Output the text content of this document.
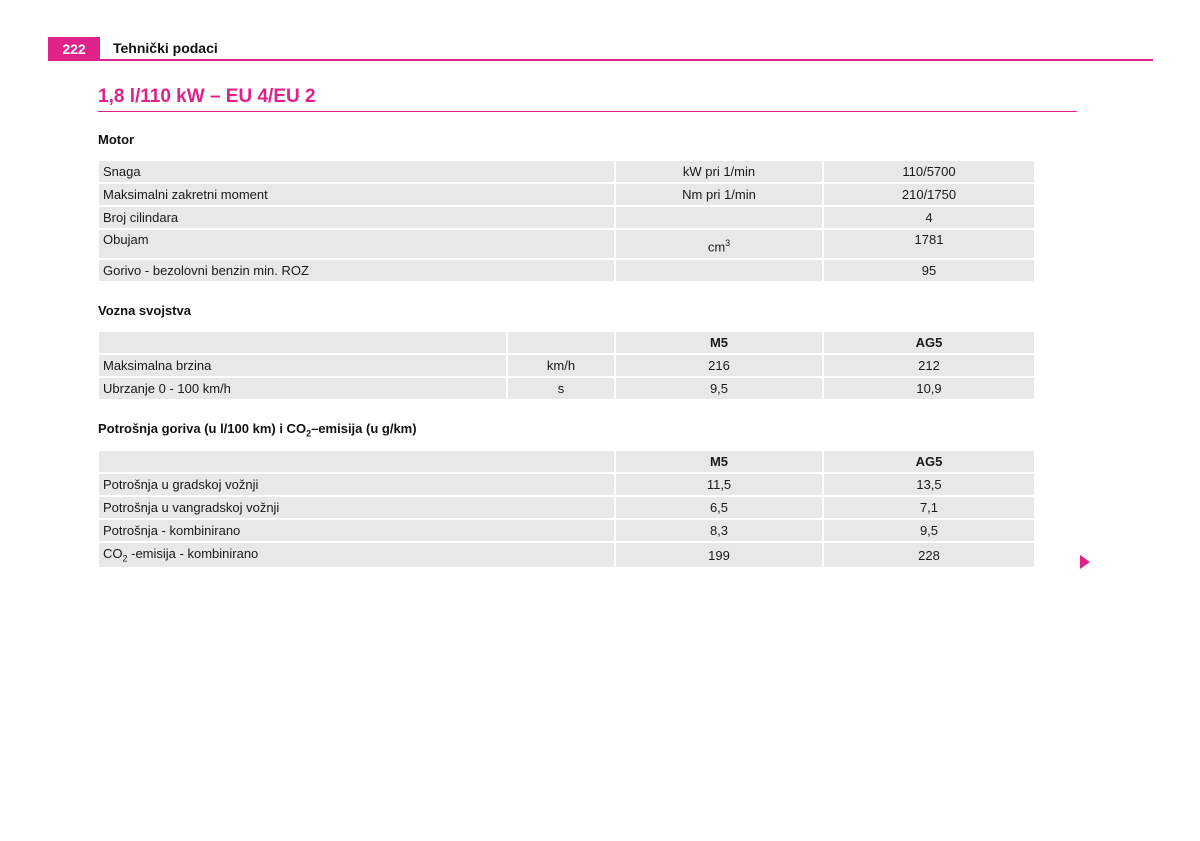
222	Tehnički podaci
1,8 l/110 kW – EU 4/EU 2
Motor
Snaga	kW pri 1/min	110/5700
Maksimalni zakretni moment	Nm pri 1/min	210/1750
Broj cilindara		4
Obujam	$cm^3$	1781
Gorivo - bezolovni benzin min. ROZ		95
Vozna svojstva
		M5	AG5
Maksimalna brzina	km/h	216	212
Ubrzanje 0 - 100 km/h	s	9,5	10,9
Potrošnja goriva (u l/100 km) i $CO_2$–emisija (u g/km)
	M5	AG5
Potrošnja u gradskoj vožnji	11,5	13,5
Potrošnja u vangradskoj vožnji	6,5	7,1
Potrošnja - kombinirano	8,3	9,5
$CO_2$ -emisija - kombinirano	199	228
